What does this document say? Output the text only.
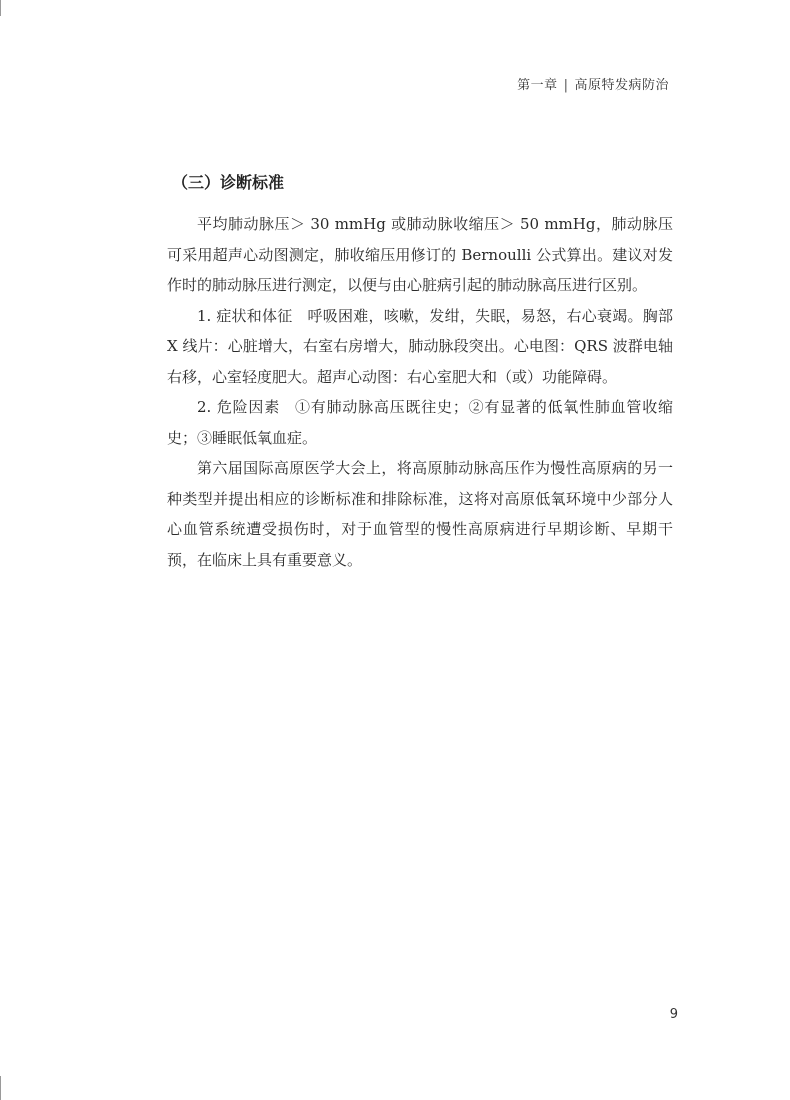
第一章 | 高原特发病防治
（三）诊断标准

平均肺动脉压＞ 30 mmHg 或肺动脉收缩压＞ 50 mmHg，肺动脉压可采用超声心动图测定，肺收缩压用修订的 Bernoulli 公式算出。建议对发作时的肺动脉压进行测定，以便与由心脏病引起的肺动脉高压进行区别。

1. 症状和体征 呼吸困难，咳嗽，发绀，失眠，易怒，右心衰竭。胸部 X 线片：心脏增大，右室右房增大，肺动脉段突出。心电图：QRS 波群电轴右移，心室轻度肥大。超声心动图：右心室肥大和（或）功能障碍。

2. 危险因素 ①有肺动脉高压既往史；②有显著的低氧性肺血管收缩史；③睡眠低氧血症。

第六届国际高原医学大会上，将高原肺动脉高压作为慢性高原病的另一种类型并提出相应的诊断标准和排除标准，这将对高原低氧环境中少部分人心血管系统遭受损伤时，对于血管型的慢性高原病进行早期诊断、早期干预，在临床上具有重要意义。

9
